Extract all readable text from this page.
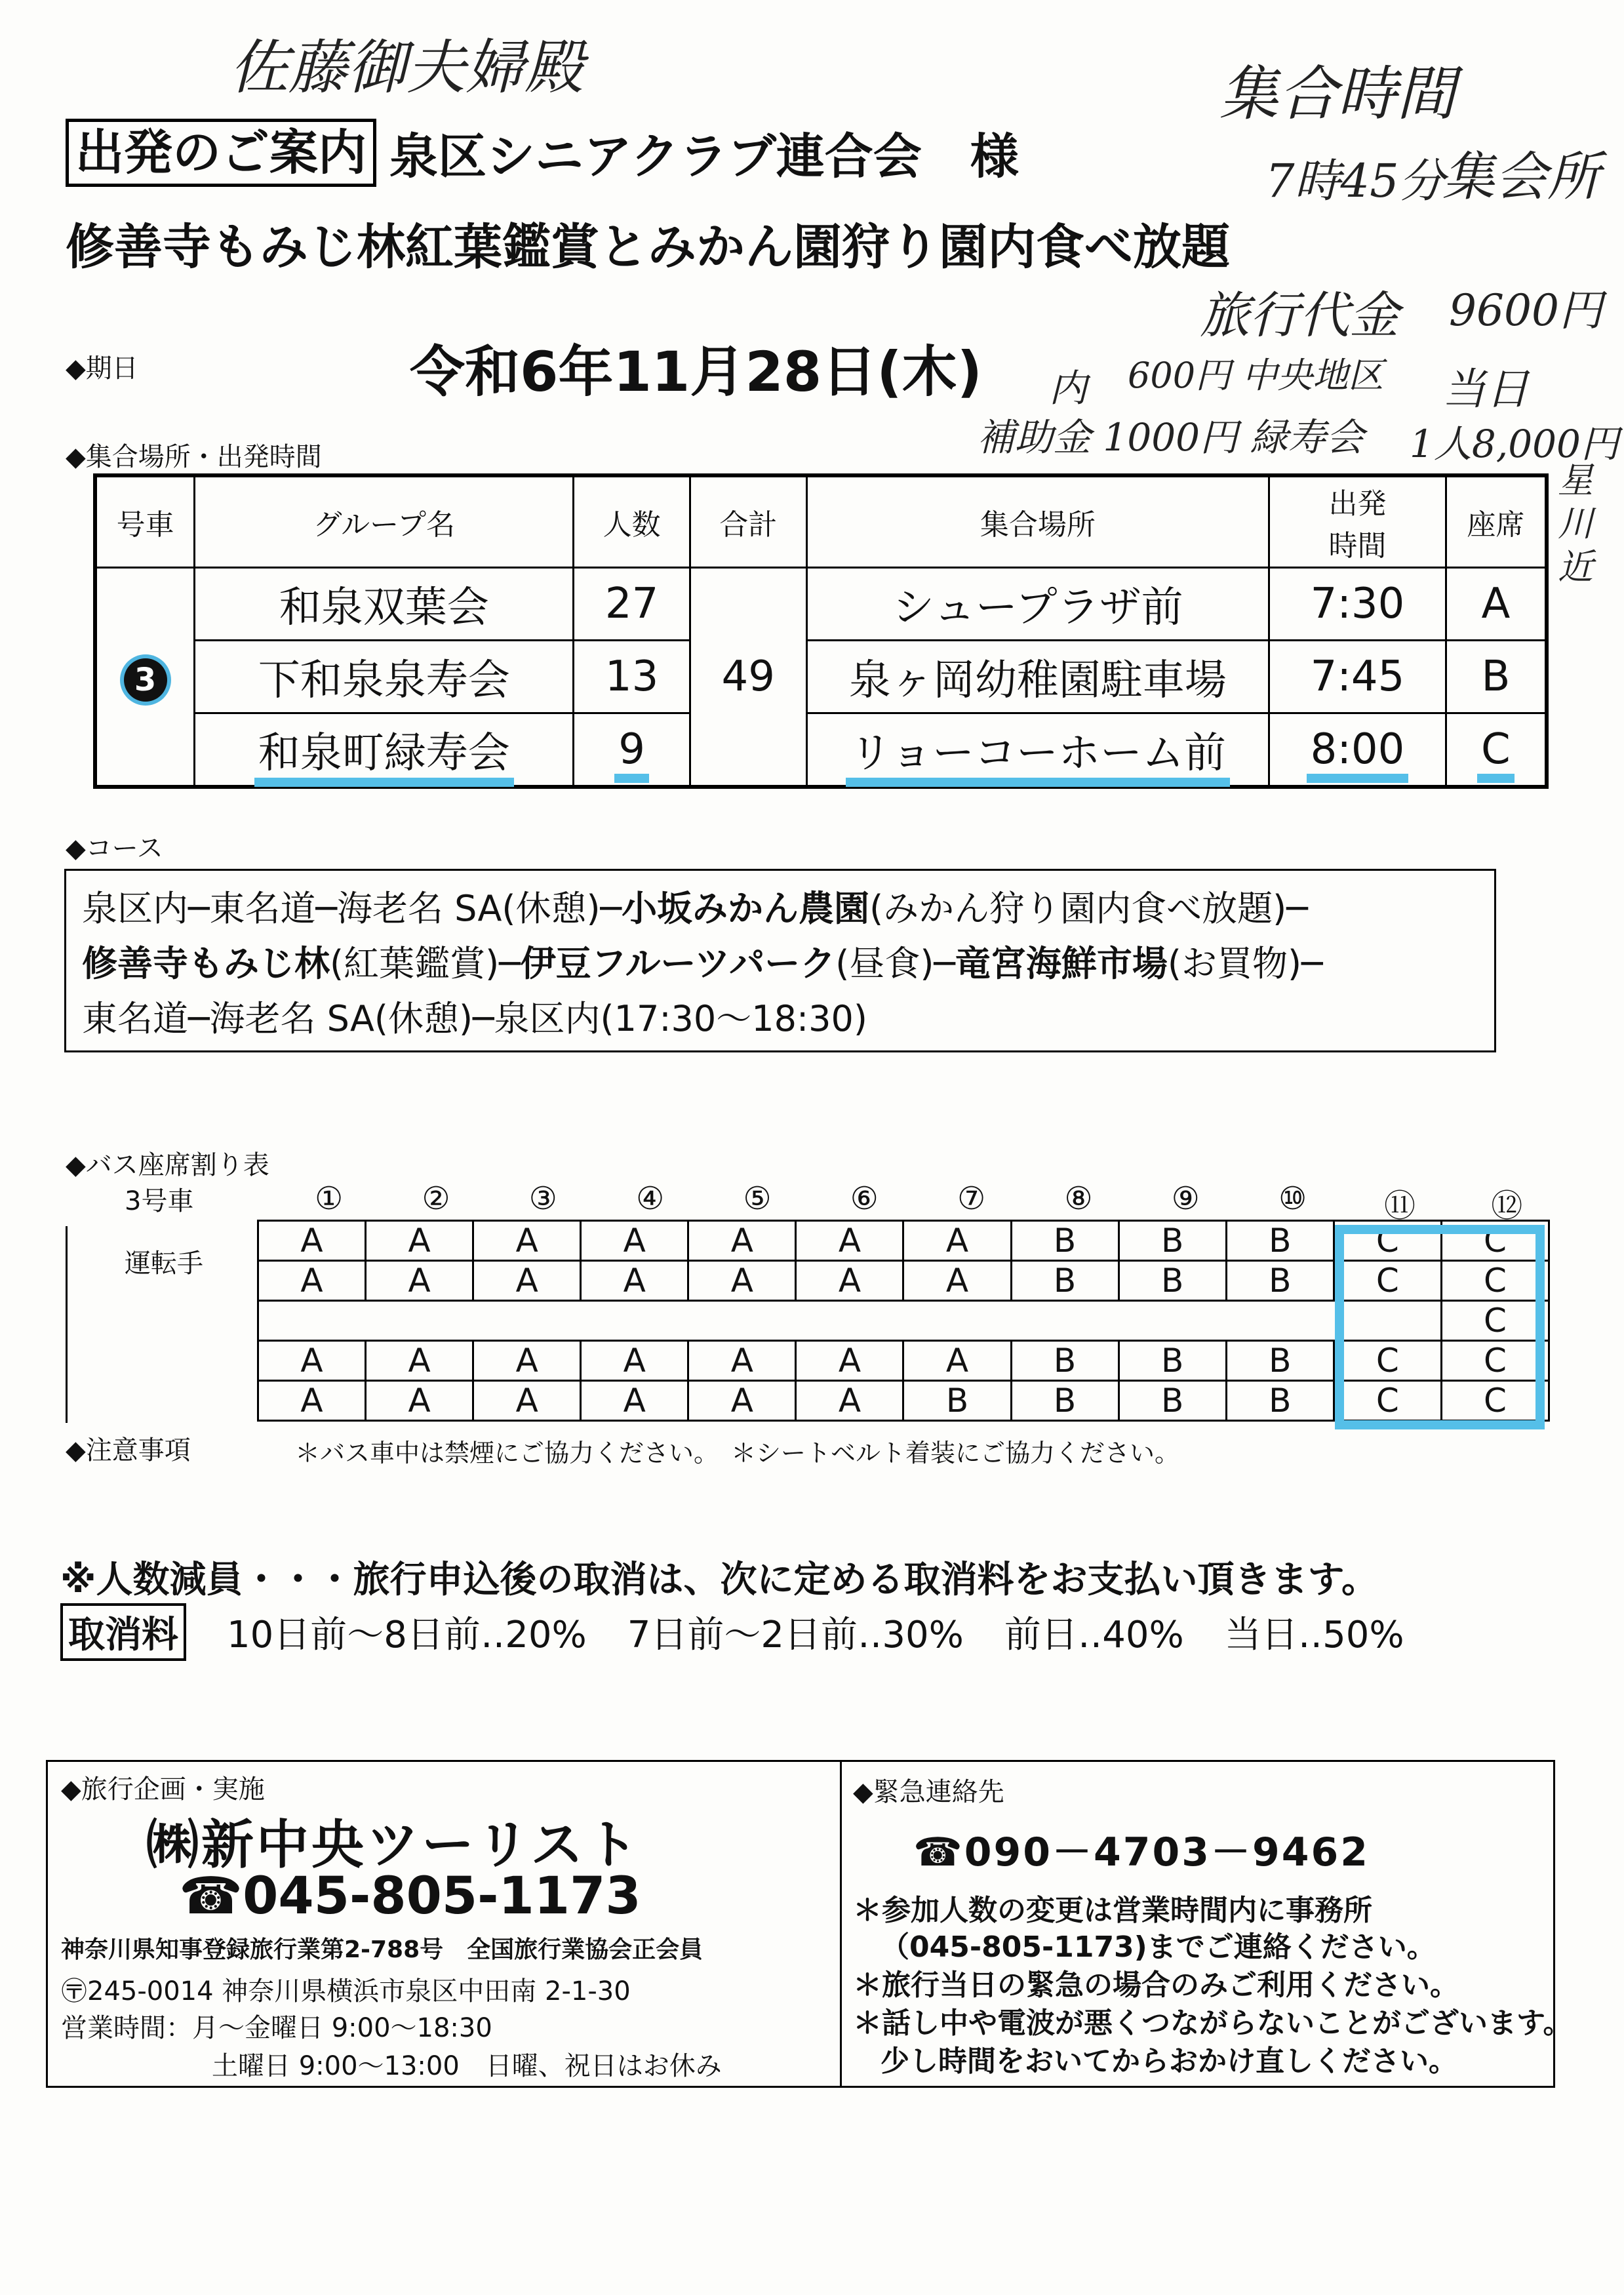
佐藤御夫婦殿	集合時間
7時45分
集会所
旅行代金 9600円
内 600円 中央地区
補助金 1000円 緑寿会
当日
1人8,000円
星川近
出発のご案内 泉区シニアクラブ連合会　様
修善寺もみじ林紅葉鑑賞とみかん園狩り園内食べ放題
◆期日	令和6年11月28日(木)
◆集合場所・出発時間
号車	グループ名	人数	合計	集合場所	出発
時間	座席
3	和泉双葉会	27	49	シュープラザ前	7:30	A
	下和泉泉寿会	13		泉ヶ岡幼稚園駐車場	7:45	B
	和泉町緑寿会	9		リョーコーホーム前	8:00	C
◆コース
泉区内─東名道─海老名 SA(休憩)─小坂みかん農園(みかん狩り園内食べ放題)─
修善寺もみじ林(紅葉鑑賞)─伊豆フルーツパーク(昼食)─竜宮海鮮市場(お買物)─
東名道─海老名 SA(休憩)─泉区内(17:30～18:30)
◆バス座席割り表
3号車
運転手
①	②	③	④	⑤	⑥	⑦	⑧	⑨	⑩	⑪	⑫
A	A	A	A	A	A	A	B	B	B	C	C
A	A	A	A	A	A	A	B	B	B	C	C
											C
A	A	A	A	A	A	A	B	B	B	C	C
A	A	A	A	A	A	B	B	B	B	C	C
◆注意事項	＊バス車中は禁煙にご協力ください。　＊シートベルト着装にご協力ください。
※人数減員・・・旅行申込後の取消は、次に定める取消料をお支払い頂きます。
取消料 10日前～8日前‥20% 7日前～2日前‥30% 前日‥40% 当日‥50%
◆旅行企画・実施
㈱新中央ツーリスト
☎045-805-1173
神奈川県知事登録旅行業第2-788号　全国旅行業協会正会員
〶245-0014 神奈川県横浜市泉区中田南 2-1-30
営業時間：月～金曜日 9:00～18:30
土曜日 9:00～13:00　日曜、祝日はお休み
◆緊急連絡先
☎090－4703－9462
＊参加人数の変更は営業時間内に事務所
（045-805-1173)までご連絡ください。
＊旅行当日の緊急の場合のみご利用ください。
＊話し中や電波が悪くつながらないことがございます。
少し時間をおいてからおかけ直しください。
